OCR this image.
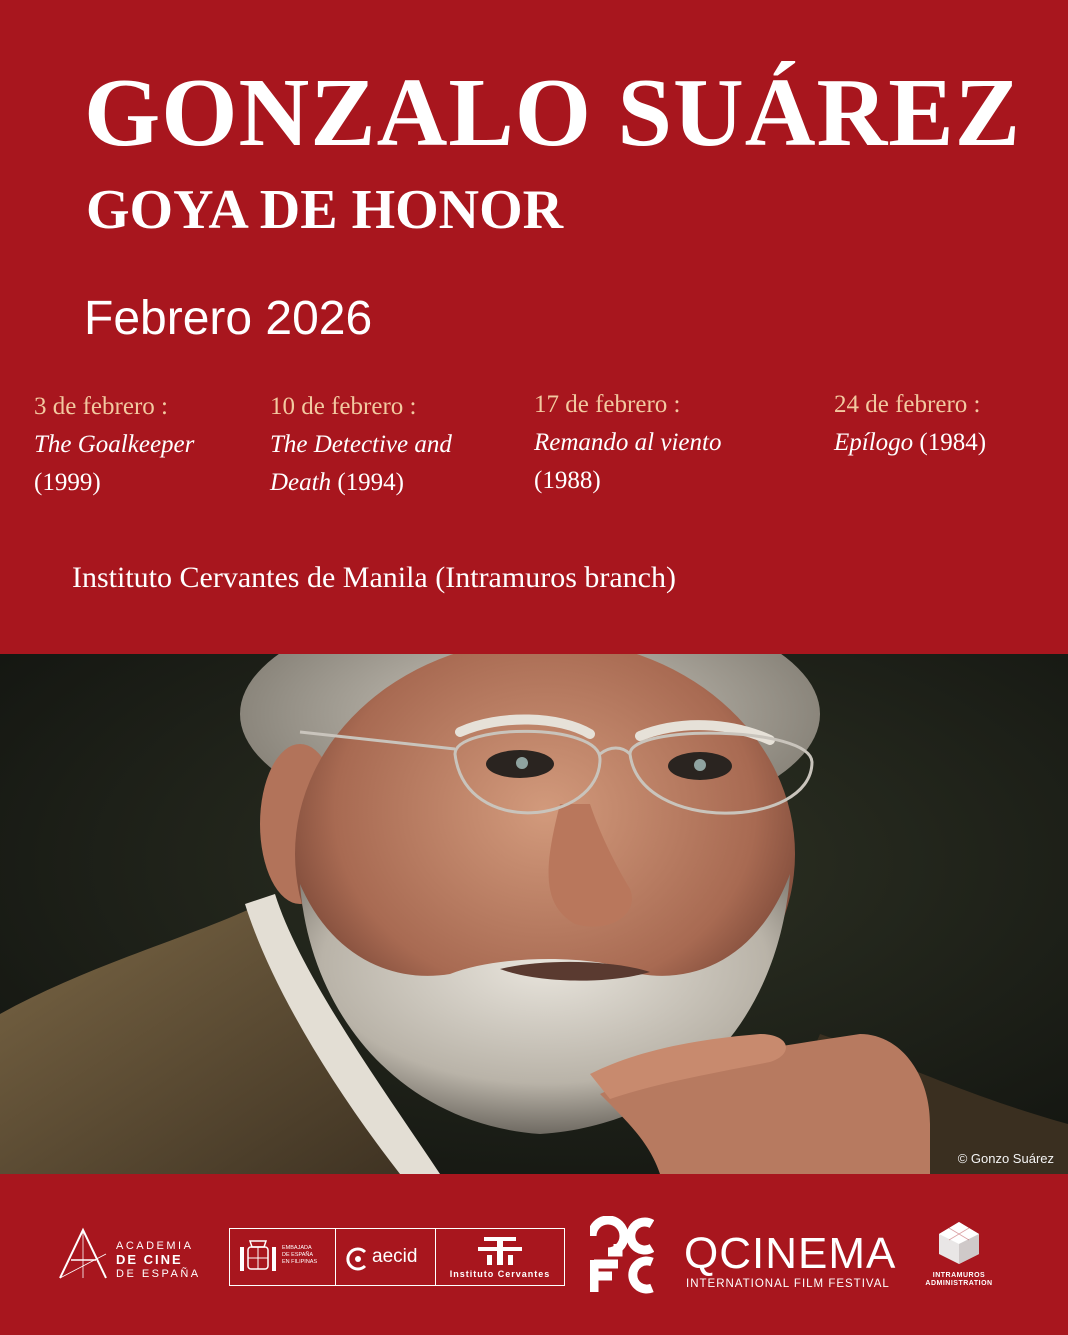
GONZALO SUÁREZ
GOYA DE HONOR
Febrero 2026
3 de febrero :
The Goalkeeper
(1999)
10 de febrero :
The Detective and Death (1994)
17 de febrero :
Remando al viento
(1988)
24 de febrero :
Epílogo (1984)
Instituto Cervantes de Manila (Intramuros branch)
© Gonzo Suárez
ACADEMIA
DE CINE
DE ESPAÑA
EMBAJADA
DE ESPAÑA
EN FILIPINAS	aecid
Instituto Cervantes	QCINEMA
INTERNATIONAL FILM FESTIVAL
INTRAMUROS
ADMINISTRATION
